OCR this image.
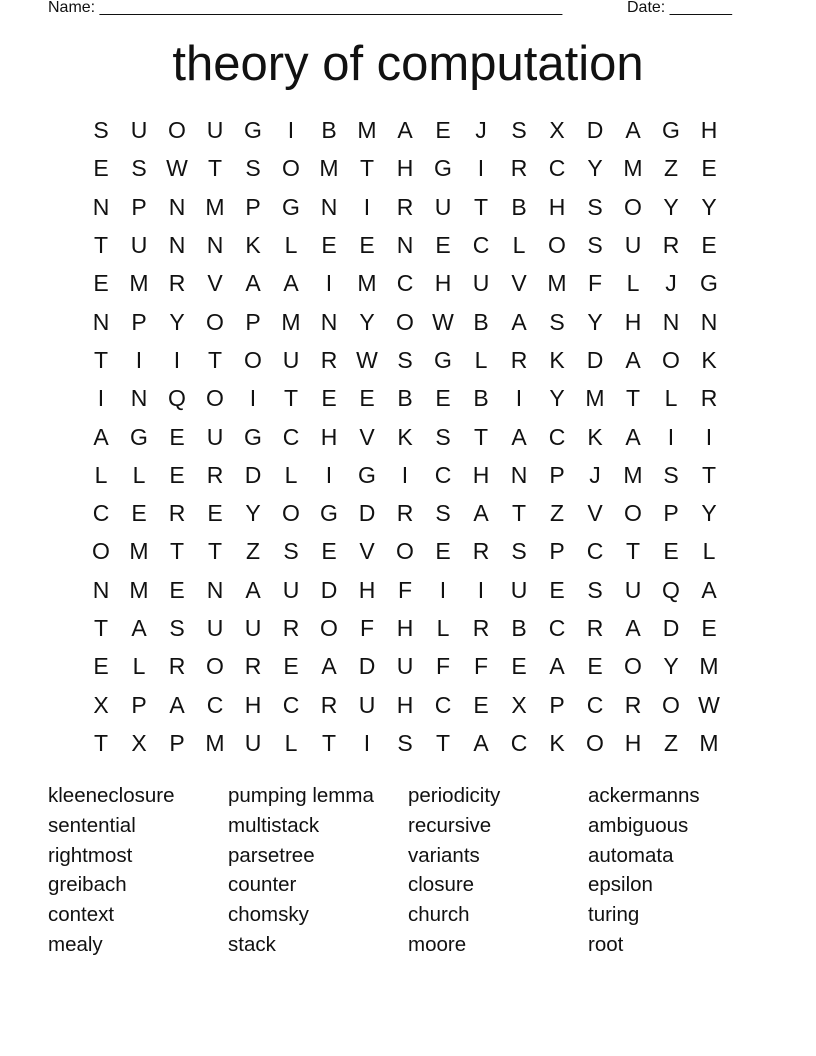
Name: ____________________________________________________	Date: _______
theory of computation
S U O U G	I	B M A E	J	S X D A G H
E S W T	S O M T H G	I	R C Y M Z	E
N P N M P G N	I	R U T	B H S O Y Y
T U N N K	L	E E N E C	L O S U R E
E M R V A A	I	M C H U V M F	L	J	G
N P Y O P M N Y O W B A S Y H N N
T	I	I	T O U R W S G L	R K D A O K
I	N Q O	I	T	E E B E B	I	Y M T	L	R
A G E U G C H V K S	T	A C K A	I	I
L	L	E R D	L	I	G	I	C H N P	J M S	T
C E R E Y O G D R S A	T	Z	V O P Y
O M T	T	Z	S E V O E R S P C T	E	L
N M E N A U D H F	I	I	U E S U Q A
T	A S U U R O F H	L	R B C R A D E
E	L	R O R E A D U F	F	E A E O Y M
X P A C H C R U H C E X P C R O W
T	X P M U	L	T	I	S	T	A C K O H Z M
kleeneclosure
sentential
rightmost
greibach
context
mealy
pumping lemma
multistack
parsetree
counter
chomsky
stack
periodicity
recursive
variants
closure
church
moore
ackermanns
ambiguous
automata
epsilon
turing
root
